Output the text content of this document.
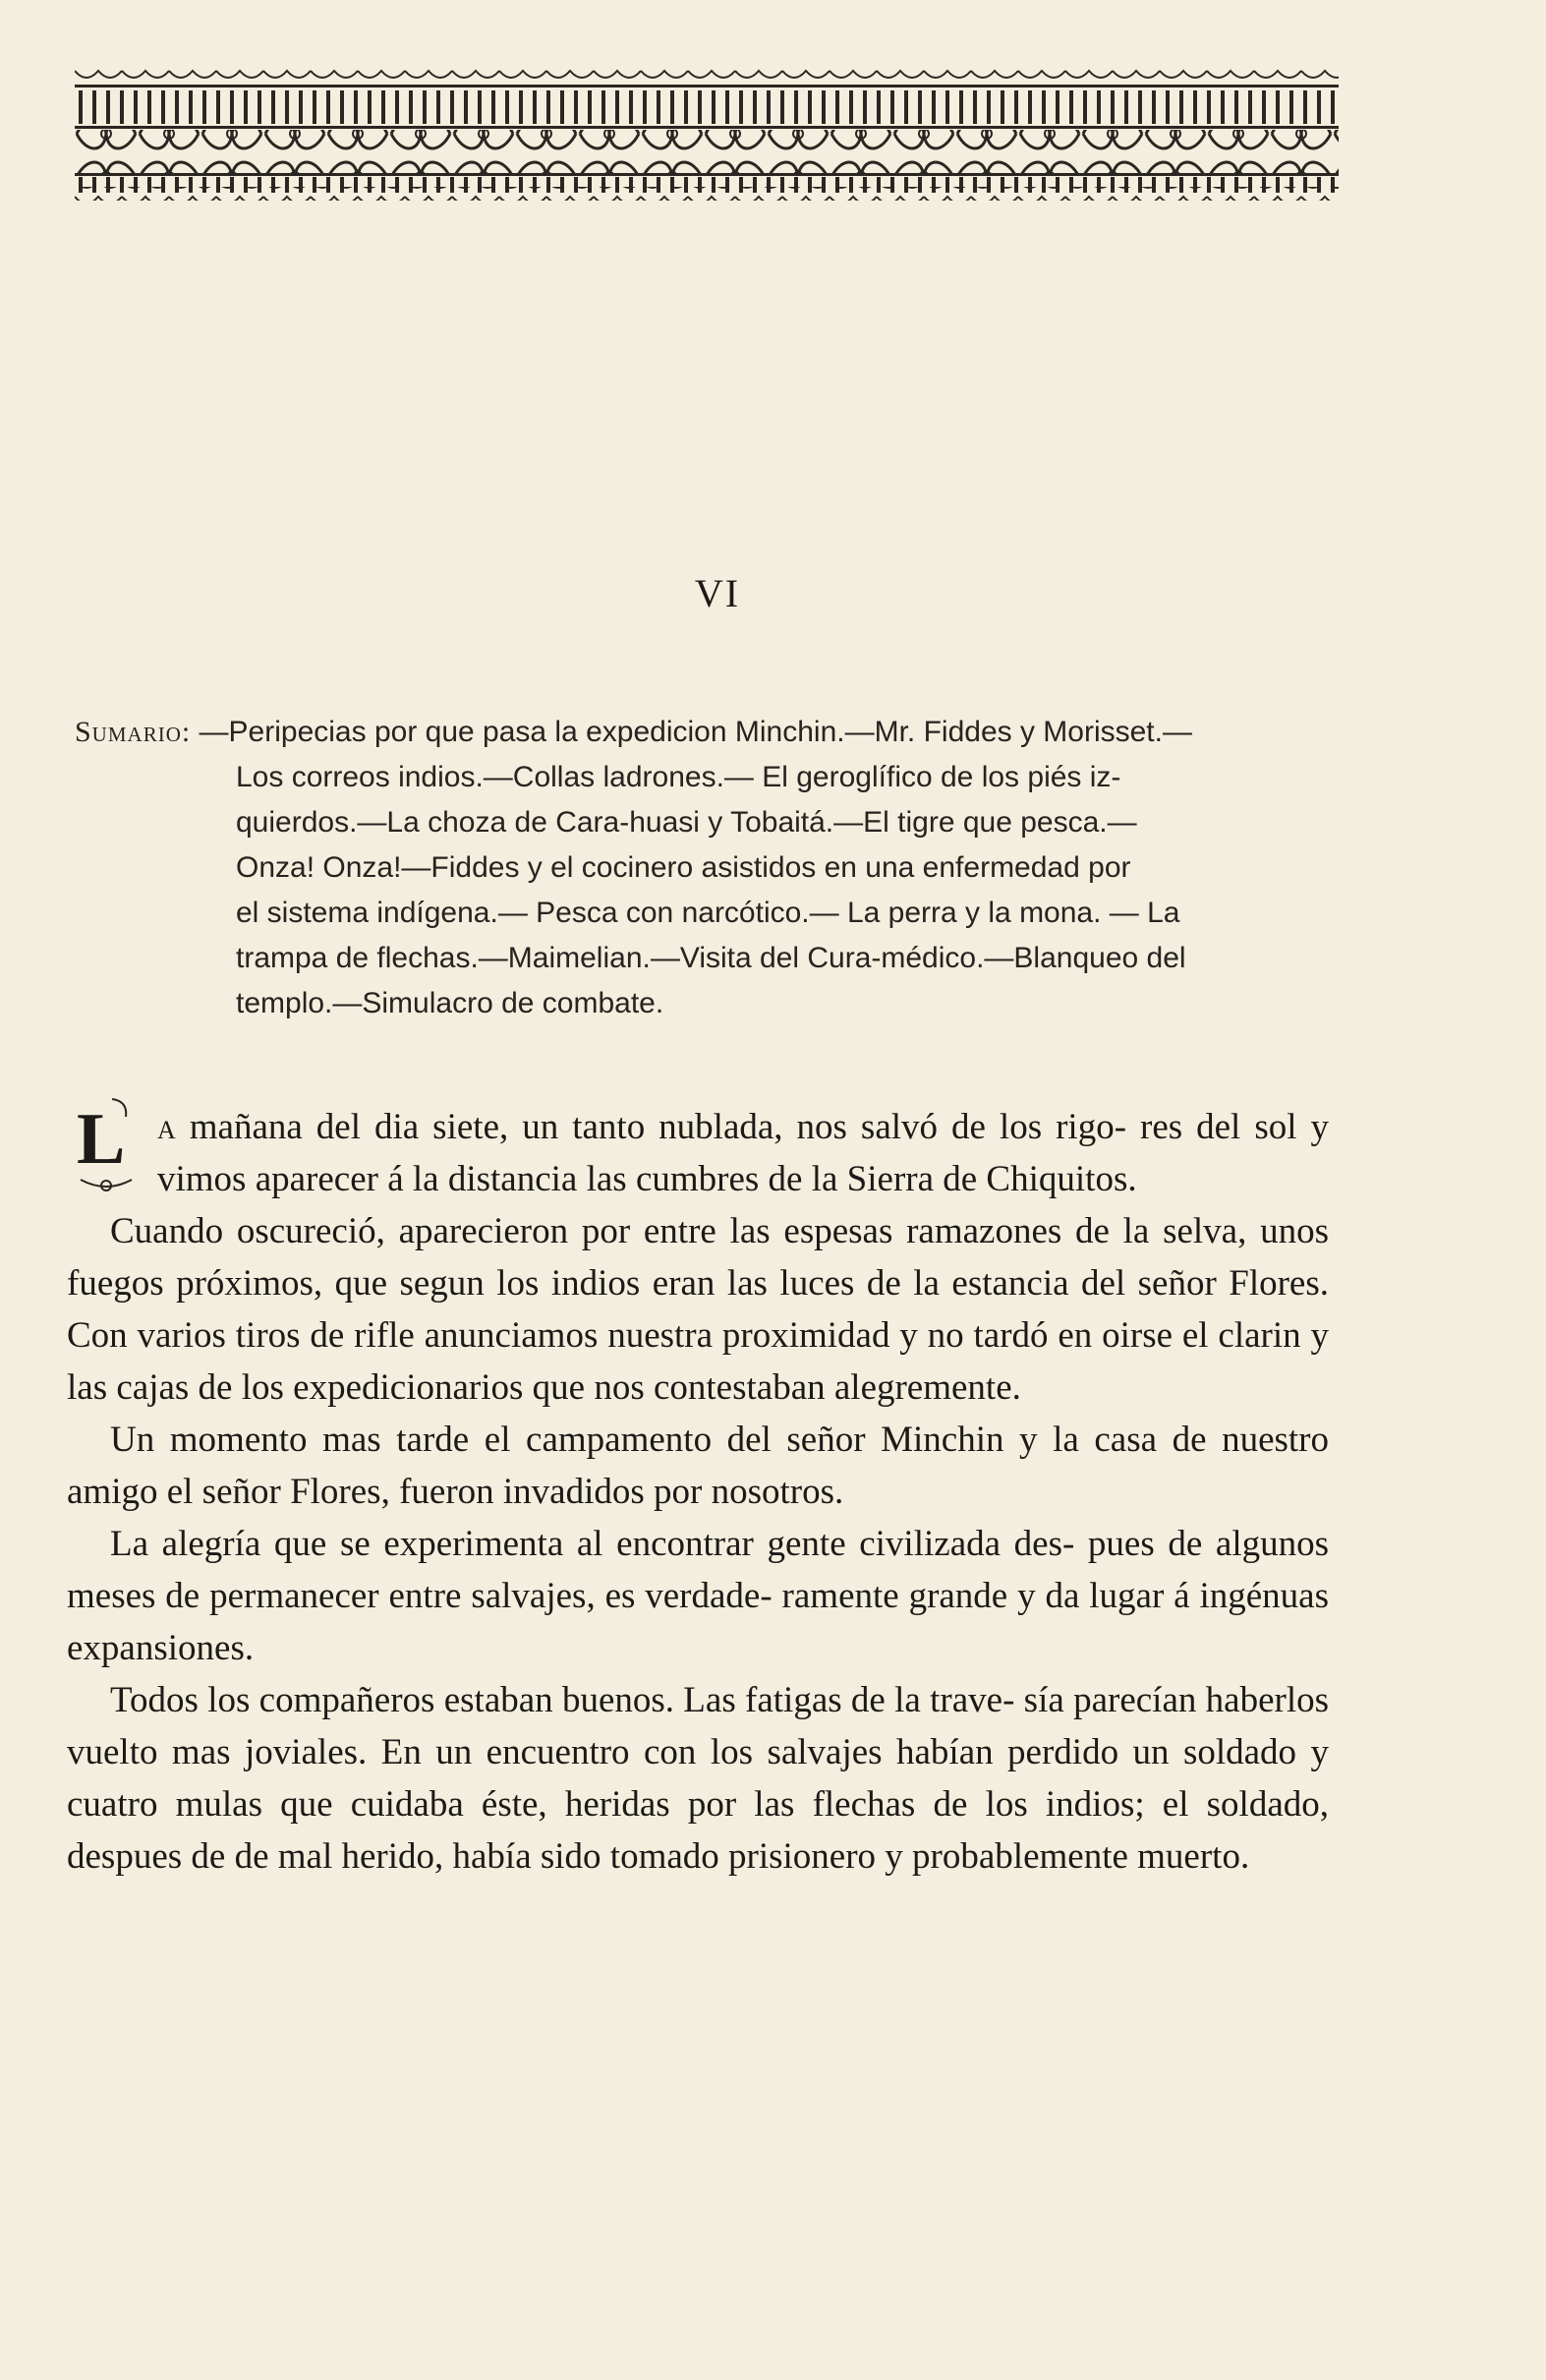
VI
Sumario: —Peripecias por que pasa la expedicion Minchin.—Mr. Fiddes y Morisset.—
Los correos indios.—Collas ladrones.— El geroglífico de los piés iz-
quierdos.—La choza de Cara-huasi y Tobaitá.—El tigre que pesca.—
Onza! Onza!—Fiddes y el cocinero asistidos en una enfermedad por
el sistema indígena.— Pesca con narcótico.— La perra y la mona. — La
trampa de flechas.—Maimelian.—Visita del Cura-médico.—Blanqueo del
templo.—Simulacro de combate.

L a mañana del dia siete, un tanto nublada, nos salvó de los rigo- res del sol y vimos aparecer á la distancia las cumbres de la Sierra de Chiquitos.

Cuando oscureció, aparecieron por entre las espesas ramazones de la selva, unos fuegos próximos, que segun los indios eran las luces de la estancia del señor Flores. Con varios tiros de rifle anunciamos nuestra proximidad y no tardó en oirse el clarin y las cajas de los expedicionarios que nos contestaban alegremente.

Un momento mas tarde el campamento del señor Minchin y la casa de nuestro amigo el señor Flores, fueron invadidos por nosotros.

La alegría que se experimenta al encontrar gente civilizada des- pues de algunos meses de permanecer entre salvajes, es verdade- ramente grande y da lugar á ingénuas expansiones.

Todos los compañeros estaban buenos. Las fatigas de la trave- sía parecían haberlos vuelto mas joviales. En un encuentro con los salvajes habían perdido un soldado y cuatro mulas que cuidaba éste, heridas por las flechas de los indios; el soldado, despues de de mal herido, había sido tomado prisionero y probablemente muerto.
